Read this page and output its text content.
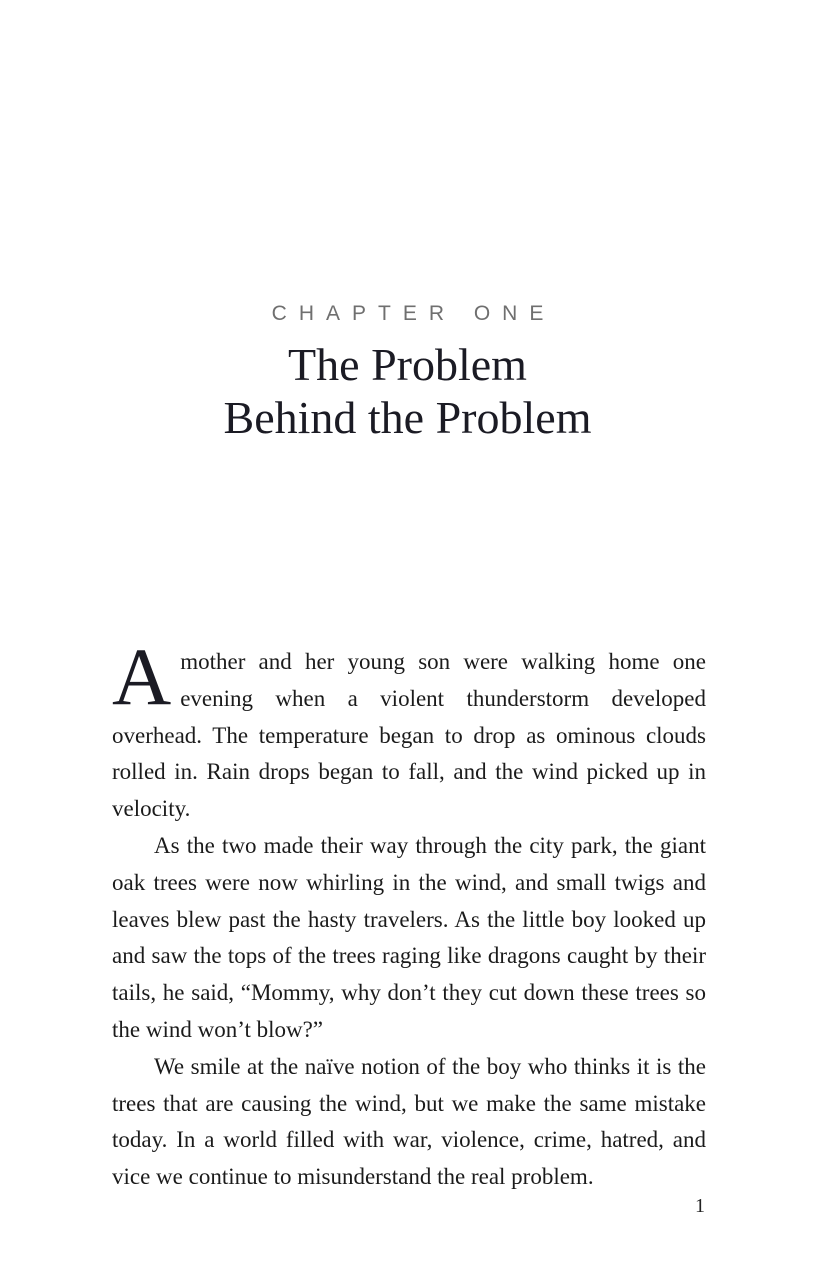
CHAPTER ONE
The Problem
Behind the Problem

Amother and her young son were walking home one evening when a violent thunderstorm developed overhead. The temperature began to drop as ominous clouds rolled in. Rain drops began to fall, and the wind picked up in velocity.

As the two made their way through the city park, the giant oak trees were now whirling in the wind, and small twigs and leaves blew past the hasty travelers. As the little boy looked up and saw the tops of the trees raging like dragons caught by their tails, he said, “Mommy, why don’t they cut down these trees so the wind won’t blow?”

We smile at the naïve notion of the boy who thinks it is the trees that are causing the wind, but we make the same mistake today. In a world filled with war, violence, crime, hatred, and vice we continue to misunderstand the real problem.

1
